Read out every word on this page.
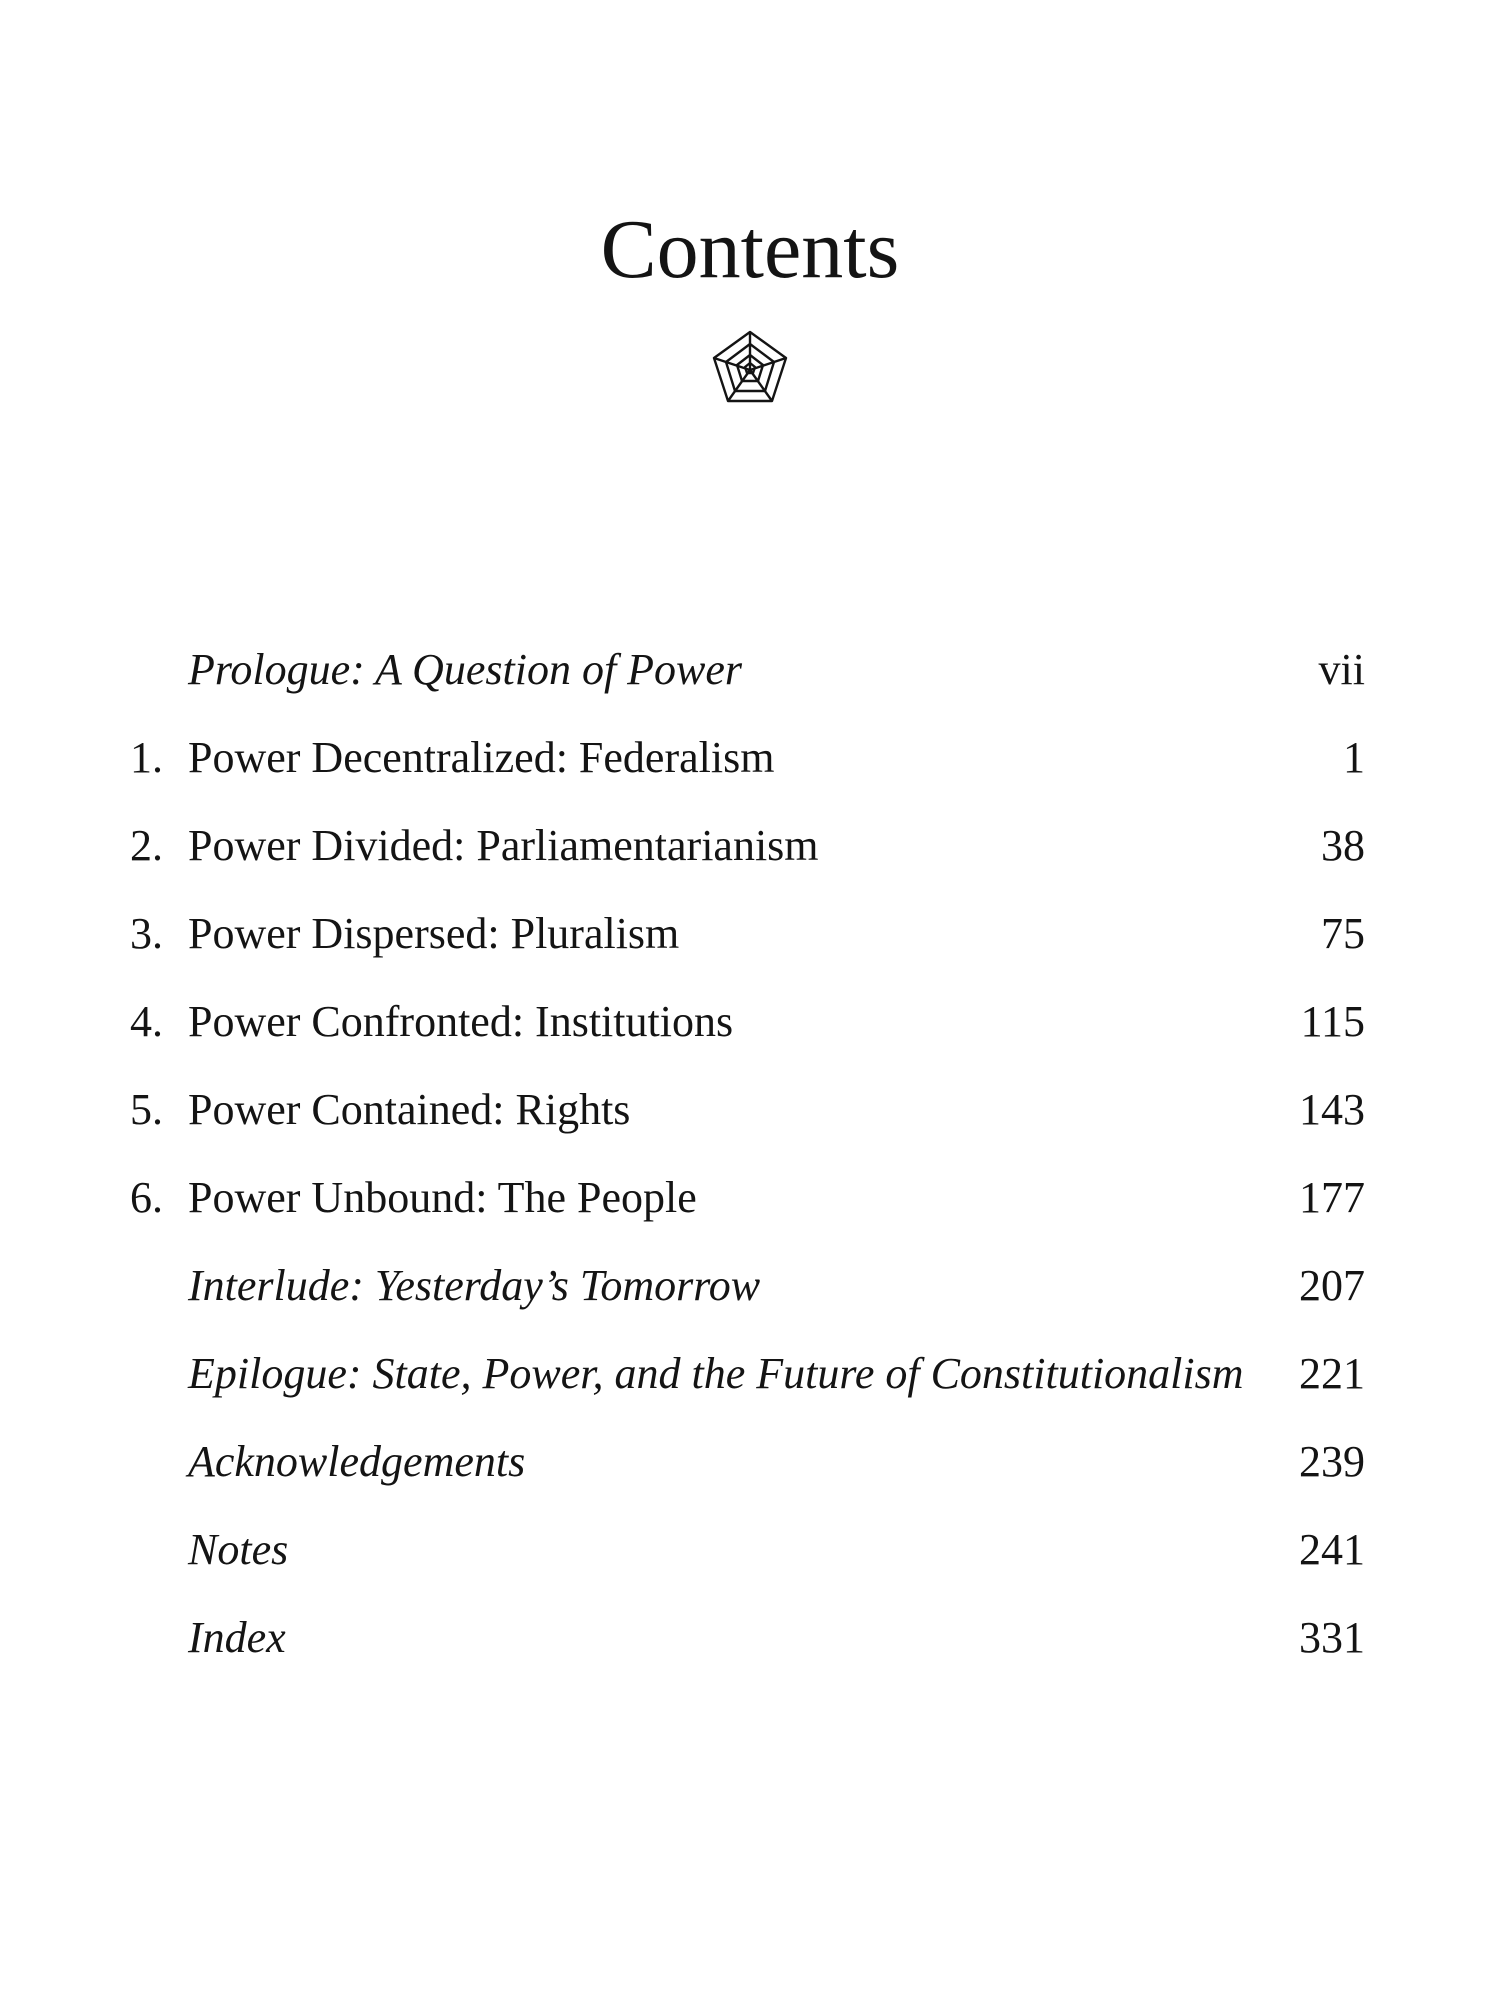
Contents
Prologue: A Question of Power	vii
1. Power Decentralized: Federalism	1
2. Power Divided: Parliamentarianism	38
3. Power Dispersed: Pluralism	75
4. Power Confronted: Institutions	115
5. Power Contained: Rights	143
6. Power Unbound: The People	177
Interlude: Yesterday’s Tomorrow	207
Epilogue: State, Power, and the Future of Constitutionalism 221
Acknowledgements	239
Notes	241
Index	331
